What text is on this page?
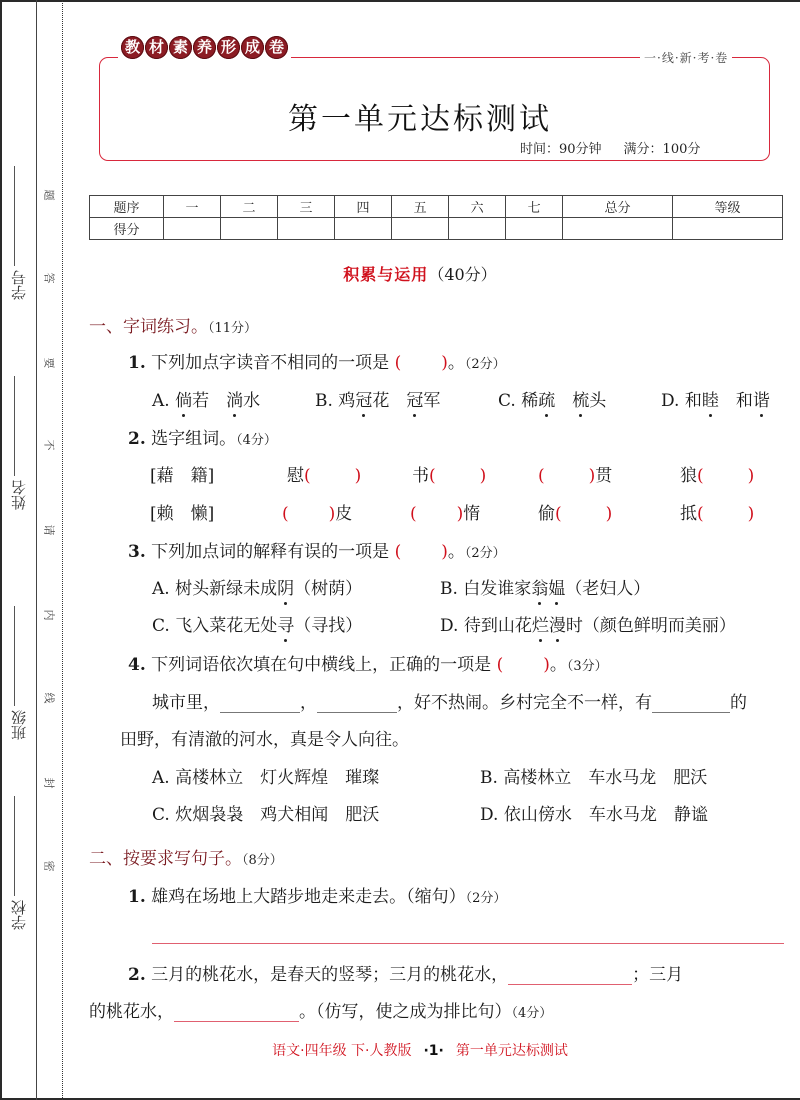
学号
姓名
班级
学校
题
答
要
不
请
内
线
封
密
教 材 素 养 形 成 卷
一·线·新·考·卷
第一单元达标测试
时间：90分钟 满分：100分
题序	一	二	三	四	五	六	七	总分	等级
得分									
积累与运用（40分）
一、字词练习。（11分）
1. 下列加点字读音不相同的一项是 ( )。（2分）
A. 倘若　淌水	B. 鸡冠花　冠军	C. 稀疏　 梳头	D. 和睦　和谐
2. 选字组词。（4分）
[藉　籍]	慰(	)	书(	)	(	)贯	狼(	)
[赖　懒]	( )皮	( )惰	偷(	)	抵(	)
3. 下列加点词的解释有误的一项是 ( )。（2分）
A. 树头新绿未成阴（树荫）	B. 白发谁家翁媪（老妇人）
C. 飞入菜花无处寻（寻找）	D. 待到山花烂漫时（颜色鲜明而美丽）
4. 下列词语依次填在句中横线上，正确的一项是 ( )。（3分）
城市里，	，	，好不热闹。乡村完全不一样，有	的
田野，有清澈的河水，真是令人向往。
A. 高楼林立　 灯火辉煌　 璀璨	B. 高楼林立　 车水马龙　 肥沃
C. 炊烟袅袅　 鸡犬相闻　 肥沃	D. 依山傍水　 车水马龙　 静谧
二、按要求写句子。（8分）
1. 雄鸡在场地上大踏步地走来走去。（缩句）（2分）
2. 三月的桃花水，是春天的竖琴；三月的桃花水，	；三月
的桃花水，	。（仿写，使之成为排比句）（4分）
语文·四年级 下·人教版 ·1· 第一单元达标测试
